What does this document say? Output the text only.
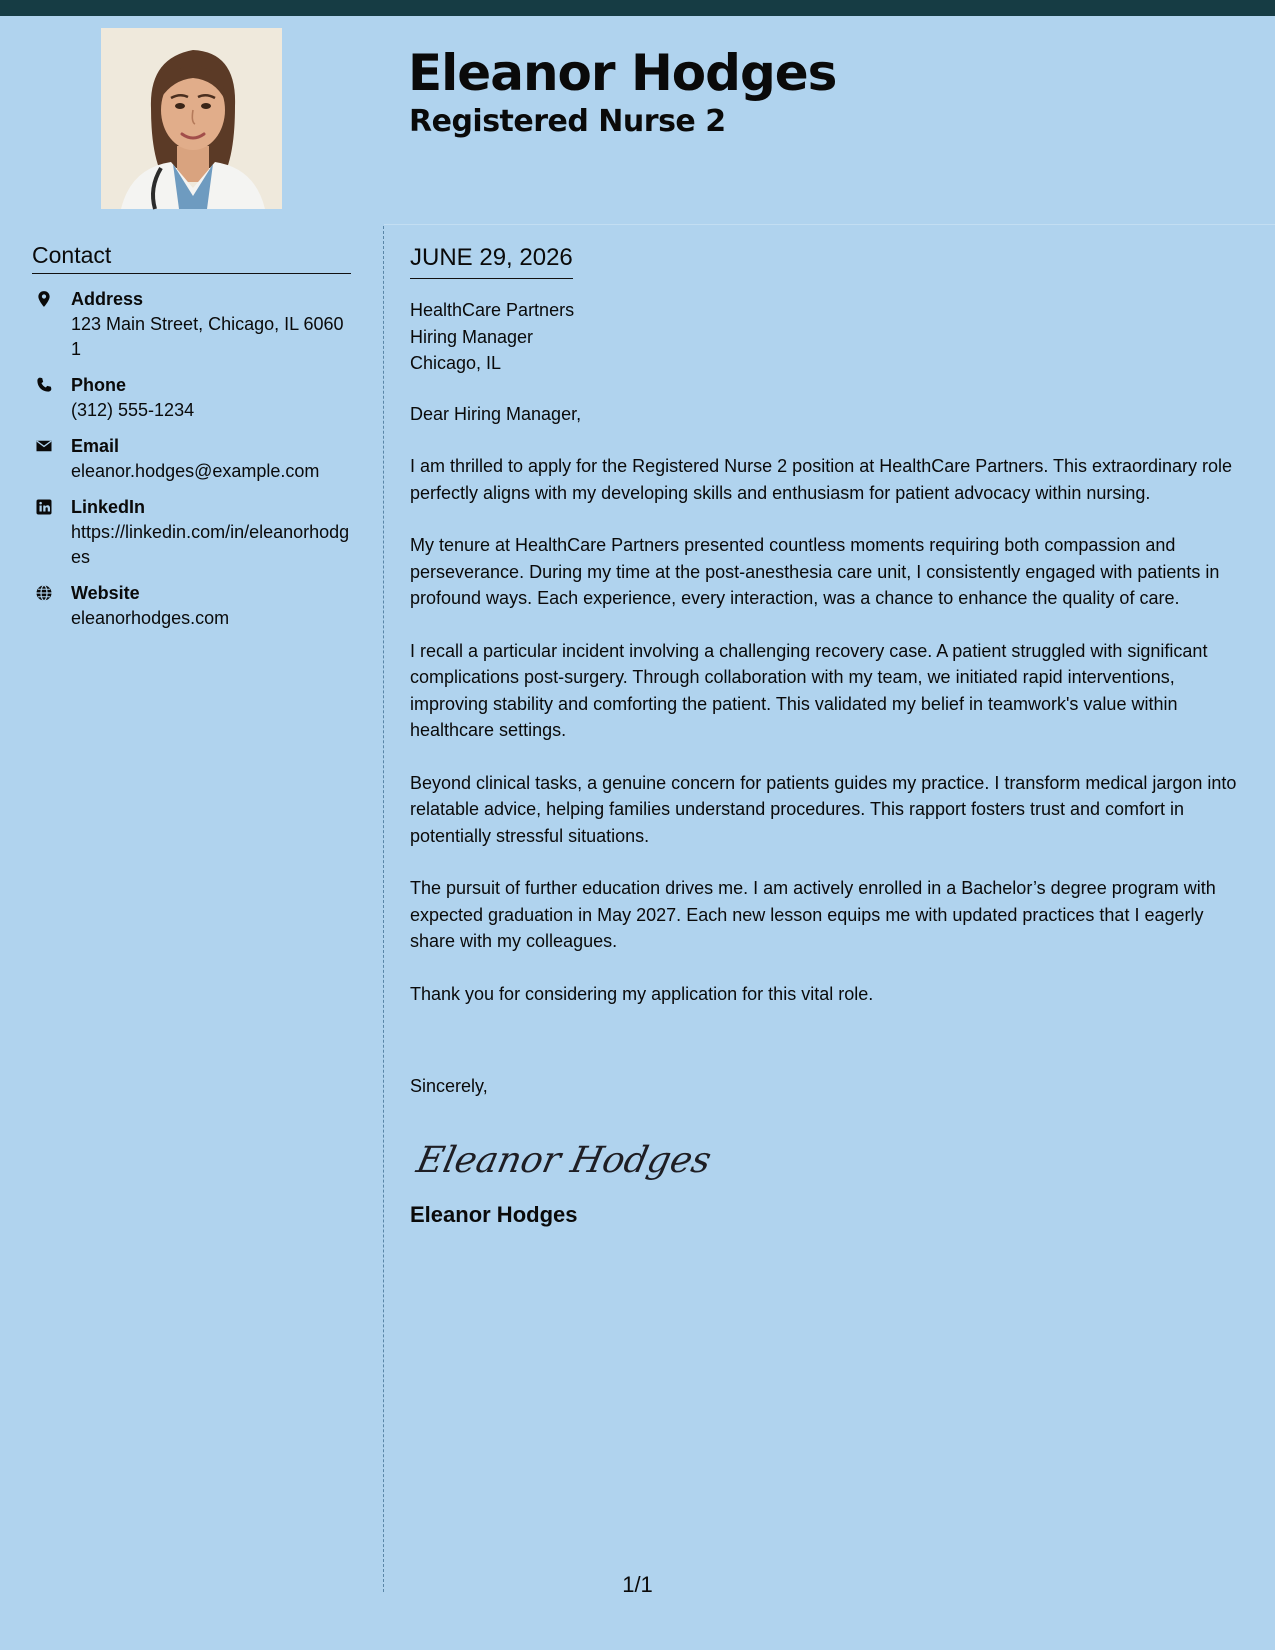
Eleanor Hodges
Registered Nurse 2
Contact
Address
123 Main Street, Chicago, IL 60601
Phone
(312) 555-1234
Email
eleanor.hodges@example.com
LinkedIn
https://linkedin.com/in/eleanorhodges
Website
eleanorhodges.com
JUNE 29, 2026
HealthCare Partners
Hiring Manager
Chicago, IL

Dear Hiring Manager,

I am thrilled to apply for the Registered Nurse 2 position at HealthCare Partners. This extraordinary role perfectly aligns with my developing skills and enthusiasm for patient advocacy within nursing.

My tenure at HealthCare Partners presented countless moments requiring both compassion and perseverance. During my time at the post-anesthesia care unit, I consistently engaged with patients in profound ways. Each experience, every interaction, was a chance to enhance the quality of care.

I recall a particular incident involving a challenging recovery case. A patient struggled with significant complications post-surgery. Through collaboration with my team, we initiated rapid interventions, improving stability and comforting the patient. This validated my belief in teamwork's value within healthcare settings.

Beyond clinical tasks, a genuine concern for patients guides my practice. I transform medical jargon into relatable advice, helping families understand procedures. This rapport fosters trust and comfort in potentially stressful situations.

The pursuit of further education drives me. I am actively enrolled in a Bachelor’s degree program with expected graduation in May 2027. Each new lesson equips me with updated practices that I eagerly share with my colleagues.

Thank you for considering my application for this vital role.

Sincerely,

Eleanor Hodges

Eleanor Hodges

1/1
